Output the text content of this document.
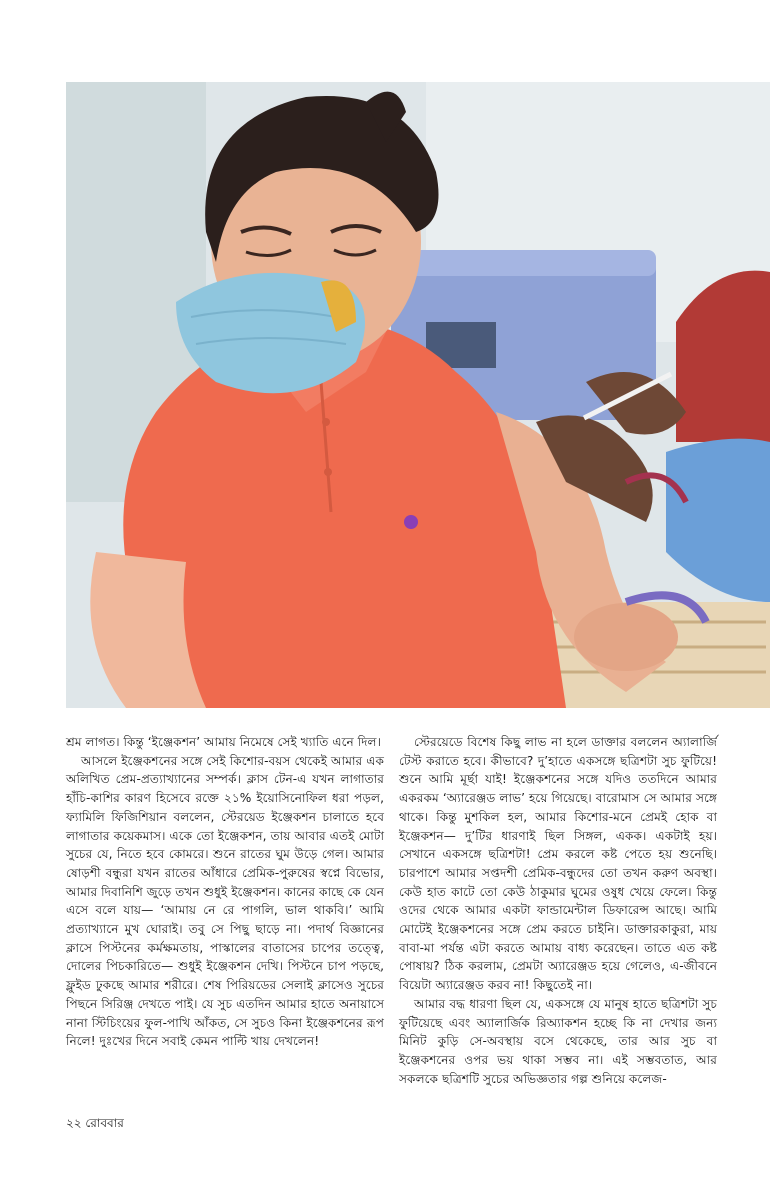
শ্রম লাগত। কিন্তু ‘ইঞ্জেকশন’ আমায় নিমেষে সেই খ্যাতি এনে দিল।

আসলে ইঞ্জেকশনের সঙ্গে সেই কিশোর-বয়স থেকেই আমার এক অলিখিত প্রেম-প্রত্যাখ্যানের সম্পর্ক। ক্লাস টেন-এ যখন লাগাতার হাঁচি-কাশির কারণ হিসেবে রক্তে ২১% ইয়োসিনোফিল ধরা পড়ল, ফ্যামিলি ফিজিশিয়ান বললেন, স্টেরয়েড ইঞ্জেকশন চালাতে হবে লাগাতার কয়েকমাস। একে তো ইঞ্জেকশন, তায় আবার এতই মোটা সুচের যে, নিতে হবে কোমরে। শুনে রাতের ঘুম উড়ে গেল। আমার ষোড়শী বন্ধুরা যখন রাতের আঁধারে প্রেমিক-পুরুষের স্বপ্নে বিভোর, আমার দিবানিশি জুড়ে তখন শুধুই ইঞ্জেকশন। কানের কাছে কে যেন এসে বলে যায়— ‘আমায় নে রে পাগলি, ভাল থাকবি।’ আমি প্রত্যাখ্যানে মুখ ঘোরাই। তবু সে পিছু ছাড়ে না। পদার্থ বিজ্ঞানের ক্লাসে পিস্টনের কর্মক্ষমতায়, পাস্কালের বাতাসের চাপের তত্ত্বে, দোলের পিচকারিতে— শুধুই ইঞ্জেকশন দেখি। পিস্টনে চাপ পড়ছে, ফ্লুইড ঢুকছে আমার শরীরে। শেষ পিরিয়ডের সেলাই ক্লাসেও সুচের পিছনে সিরিঞ্জ দেখতে পাই। যে সুচ এতদিন আমার হাতে অনায়াসে নানা স্টিচিংয়ের ফুল-পাখি আঁকত, সে সুচও কিনা ইঞ্জেকশনের রূপ নিলে! দুঃখের দিনে সবাই কেমন পাল্টি খায় দেখলেন!

স্টেরয়েডে বিশেষ কিছু লাভ না হলে ডাক্তার বললেন অ্যালার্জি টেস্ট করাতে হবে। কীভাবে? দু’হাতে একসঙ্গে ছত্রিশটা সুচ ফুটিয়ে! শুনে আমি মূর্ছা যাই! ইঞ্জেকশনের সঙ্গে যদিও ততদিনে আমার একরকম ‘অ্যারেঞ্জড লাভ’ হয়ে গিয়েছে। বারোমাস সে আমার সঙ্গে থাকে। কিন্তু মুশকিল হল, আমার কিশোর-মনে প্রেমই হোক বা ইঞ্জেকশন— দু’টির ধারণাই ছিল সিঙ্গল, একক। একটাই হয়। সেখানে একসঙ্গে ছত্রিশটা! প্রেম করলে কষ্ট পেতে হয় শুনেছি। চারপাশে আমার সপ্তদশী প্রেমিক-বন্ধুদের তো তখন করুণ অবস্থা। কেউ হাত কাটে তো কেউ ঠাকুমার ঘুমের ওষুধ খেয়ে ফেলে। কিন্তু ওদের থেকে আমার একটা ফান্ডামেন্টাল ডিফারেন্স আছে। আমি মোটেই ইঞ্জেকশনের সঙ্গে প্রেম করতে চাইনি। ডাক্তারকাকুরা, মায় বাবা-মা পর্যন্ত এটা করতে আমায় বাধ্য করেছেন। তাতে এত কষ্ট পোষায়? ঠিক করলাম, প্রেমটা অ্যারেঞ্জড হয়ে গেলেও, এ-জীবনে বিয়েটা অ্যারেঞ্জড করব না! কিছুতেই না।

আমার বদ্ধ ধারণা ছিল যে, একসঙ্গে যে মানুষ হাতে ছত্রিশটা সুচ ফুটিয়েছে এবং অ্যালার্জিক রিঅ্যাকশন হচ্ছে কি না দেখার জন্য মিনিট কুড়ি সে-অবস্থায় বসে থেকেছে, তার আর সুচ বা ইঞ্জেকশনের ওপর ভয় থাকা সম্ভব না। এই সম্ভবতাত, আর সকলকে ছত্রিশটি সুচের অভিজ্ঞতার গল্প শুনিয়ে কলেজ-

২২ রোববার
